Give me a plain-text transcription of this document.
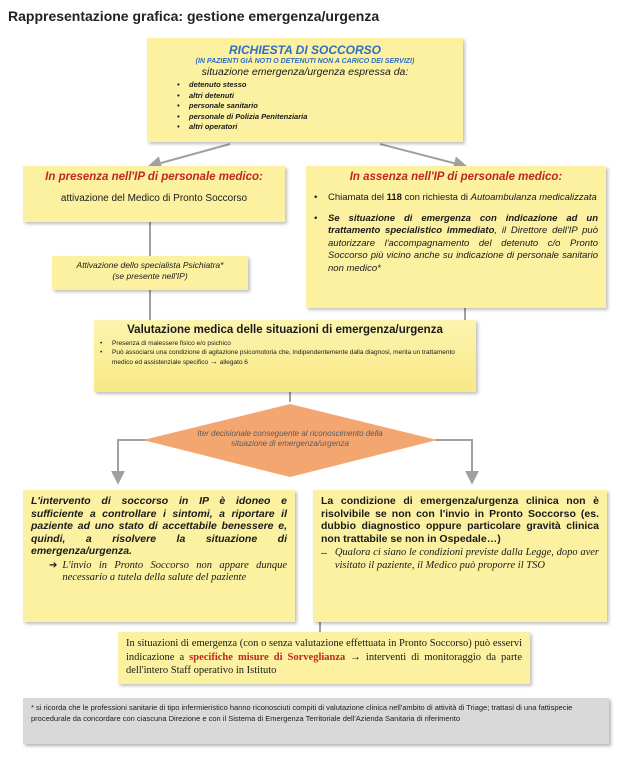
Rappresentazione grafica: gestione emergenza/urgenza
RICHIESTA DI SOCCORSO
(IN PAZIENTI GIÀ NOTI O DETENUTI NON A CARICO DEI SERVIZI)
situazione emergenza/urgenza espressa da:
• detenuto stesso
• altri detenuti
• personale sanitario
• personale di Polizia Penitenziaria
• altri operatori
In presenza nell'IP di personale medico:
attivazione del Medico di Pronto Soccorso
Attivazione dello specialista Psichiatra*
(se presente nell'IP)
In assenza nell'IP di personale medico:
• Chiamata del 118 con richiesta di Autoambulanza medicalizzata
• Se situazione di emergenza con indicazione ad un trattamento specialistico immediato, il Direttore dell'IP può autorizzare l'accompagnamento del detenuto c/o Pronto Soccorso più vicino anche su indicazione di personale sanitario non medico*
Valutazione medica delle situazioni di emergenza/urgenza
• Presenza di malessere fisico e/o psichico
• Può associarsi una condizione di agitazione psicomotoria che, indipendentemente dalla diagnosi, merita un trattamento medico ed assistenziale specifico → allegato 6
Iter decisionale conseguente al riconoscimento della situazione di emergenza/urgenza
L'intervento di soccorso in IP è idoneo e sufficiente a controllare i sintomi, a riportare il paziente ad uno stato di accettabile benessere e, quindi, a risolvere la situazione di emergenza/urgenza.
➔ L'invio in Pronto Soccorso non appare dunque necessario a tutela della salute del paziente
La condizione di emergenza/urgenza clinica non è risolvibile se non con l'invio in Pronto Soccorso (es. dubbio diagnostico oppure particolare gravità clinica non trattabile se non in Ospedale…)
– Qualora ci siano le condizioni previste dalla Legge, dopo aver visitato il paziente, il Medico può proporre il TSO
In situazioni di emergenza (con o senza valutazione effettuata in Pronto Soccorso) può esservi indicazione a specifiche misure di Sorveglianza → interventi di monitoraggio da parte dell'intero Staff operativo in Istituto
* si ricorda che le professioni sanitarie di tipo infermieristico hanno riconosciuti compiti di valutazione clinica nell'ambito di attività di Triage; trattasi di una fattispecie procedurale da concordare con ciascuna Direzione e con il Sistema di Emergenza Territoriale dell'Azienda Sanitaria di riferimento
